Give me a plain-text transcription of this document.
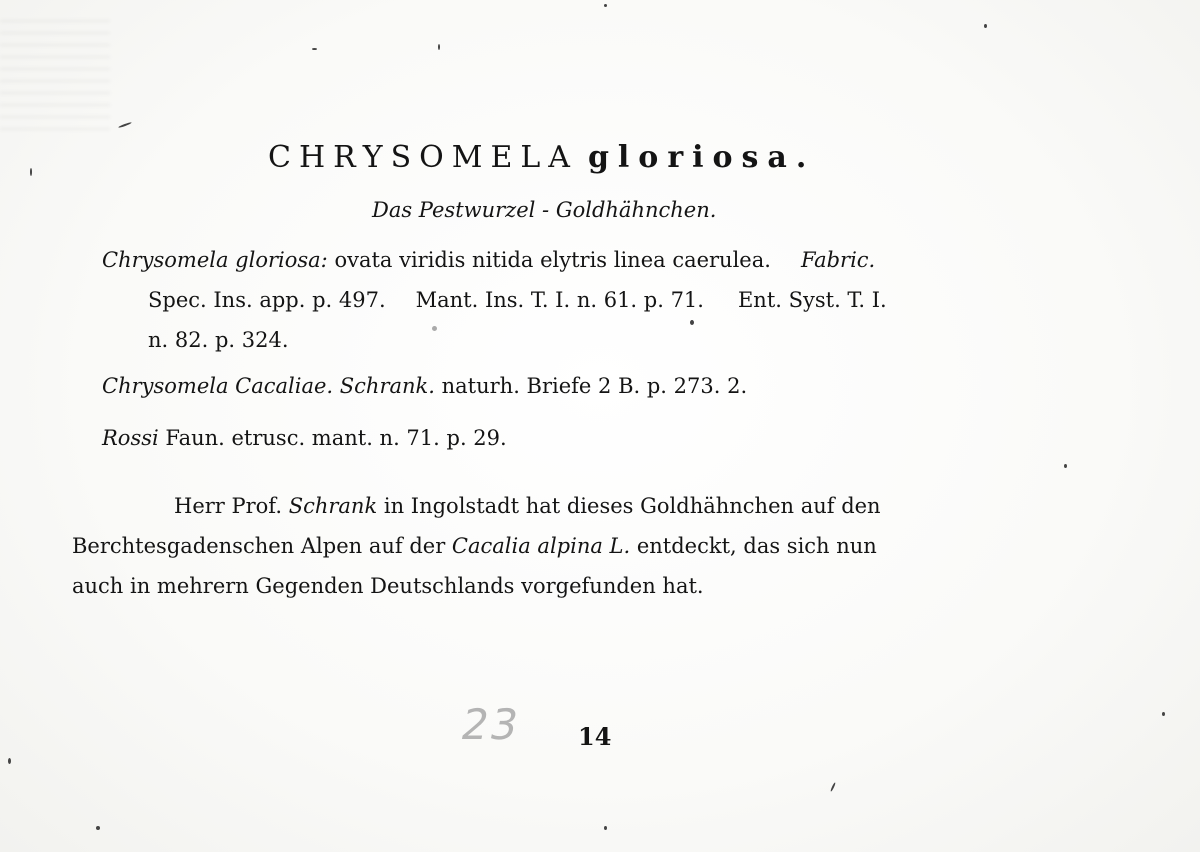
CHRYSOMELA gloriosa.

Das Pestwurzel - Goldhähnchen.

Chrysomela gloriosa: ovata viridis nitida elytris linea caerulea. Fabric.
Spec. Ins. app. p. 497. Mant. Ins. T. I. n. 61. p. 71. Ent. Syst. T. I.
n. 82. p. 324.

Chrysomela Cacaliae. Schrank. naturh. Briefe 2 B. p. 273. 2.

Rossi Faun. etrusc. mant. n. 71. p. 29.

Herr Prof. Schrank in Ingolstadt hat dieses Goldhähnchen auf den
Berchtesgadenschen Alpen auf der Cacalia alpina L. entdeckt, das sich nun
auch in mehrern Gegenden Deutschlands vorgefunden hat.

23 14
